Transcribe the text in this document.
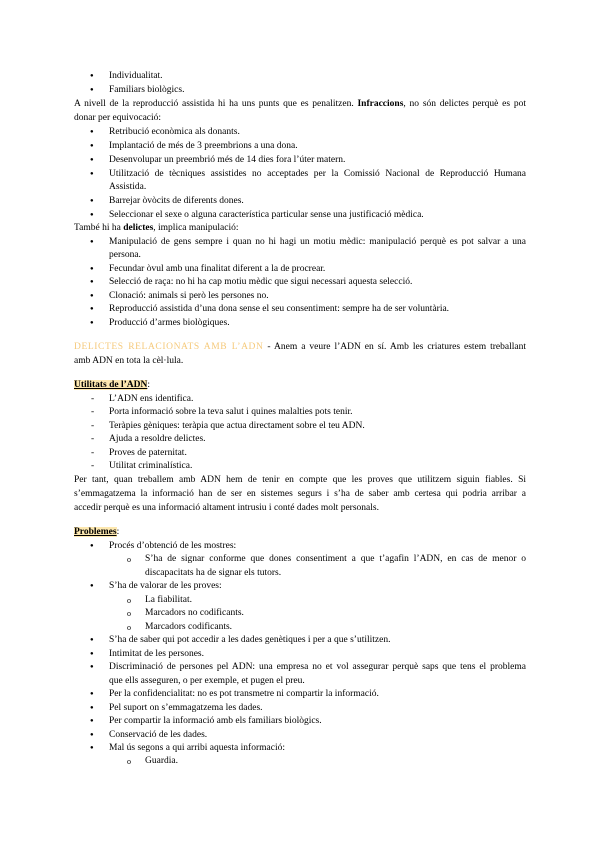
● Individualitat.
● Familiars biològics.
A nivell de la reproducció assistida hi ha uns punts que es penalitzen. Infraccions, no són delictes perquè es pot
donar per equivocació:
● Retribució econòmica als donants.
● Implantació de més de 3 preembrions a una dona.
● Desenvolupar un preembrió més de 14 dies fora l’úter matern.
● Utilització de tècniques assistides no acceptades per la Comissió Nacional de Reproducció Humana
Assistida.
● Barrejar òvòcits de diferents dones.
● Seleccionar el sexe o alguna característica particular sense una justificació mèdica.
També hi ha delictes, implica manipulació:
● Manipulació de gens sempre i quan no hi hagi un motiu mèdic: manipulació perquè es pot salvar a una
persona.
● Fecundar òvul amb una finalitat diferent a la de procrear.
● Selecció de raça: no hi ha cap motiu mèdic que sigui necessari aquesta selecció.
● Clonació: animals si però les persones no.
● Reproducció assistida d’una dona sense el seu consentiment: sempre ha de ser voluntària.
● Producció d’armes biològiques.
DELICTES RELACIONATS AMB L’ADN - Anem a veure l’ADN en sí. Amb les criatures estem treballant
amb ADN en tota la cèl·lula.
Utilitats de l’ADN:
- L’ADN ens identifica.
- Porta informació sobre la teva salut i quines malalties pots tenir.
- Teràpies gèniques: teràpia que actua directament sobre el teu ADN.
- Ajuda a resoldre delictes.
- Proves de paternitat.
- Utilitat criminalística.
Per tant, quan treballem amb ADN hem de tenir en compte que les proves que utilitzem siguin fiables. Si
s’emmagatzema la informació han de ser en sistemes segurs i s’ha de saber amb certesa qui podria arribar a
accedir perquè es una informació altament intrusiu i conté dades molt personals.
Problemes:
● Procés d’obtenció de les mostres:
o S’ha de signar conforme que dones consentiment a que t’agafin l’ADN, en cas de menor o
discapacitats ha de signar els tutors.
● S’ha de valorar de les proves:
o La fiabilitat.
o Marcadors no codificants.
o Marcadors codificants.
● S’ha de saber qui pot accedir a les dades genètiques i per a que s’utilitzen.
● Intimitat de les persones.
● Discriminació de persones pel ADN: una empresa no et vol assegurar perquè saps que tens el problema
que ells asseguren, o per exemple, et pugen el preu.
● Per la confidencialitat: no es pot transmetre ni compartir la informació.
● Pel suport on s’emmagatzema les dades.
● Per compartir la informació amb els familiars biològics.
● Conservació de les dades.
● Mal ús segons a qui arribi aquesta informació:
o Guardia.
